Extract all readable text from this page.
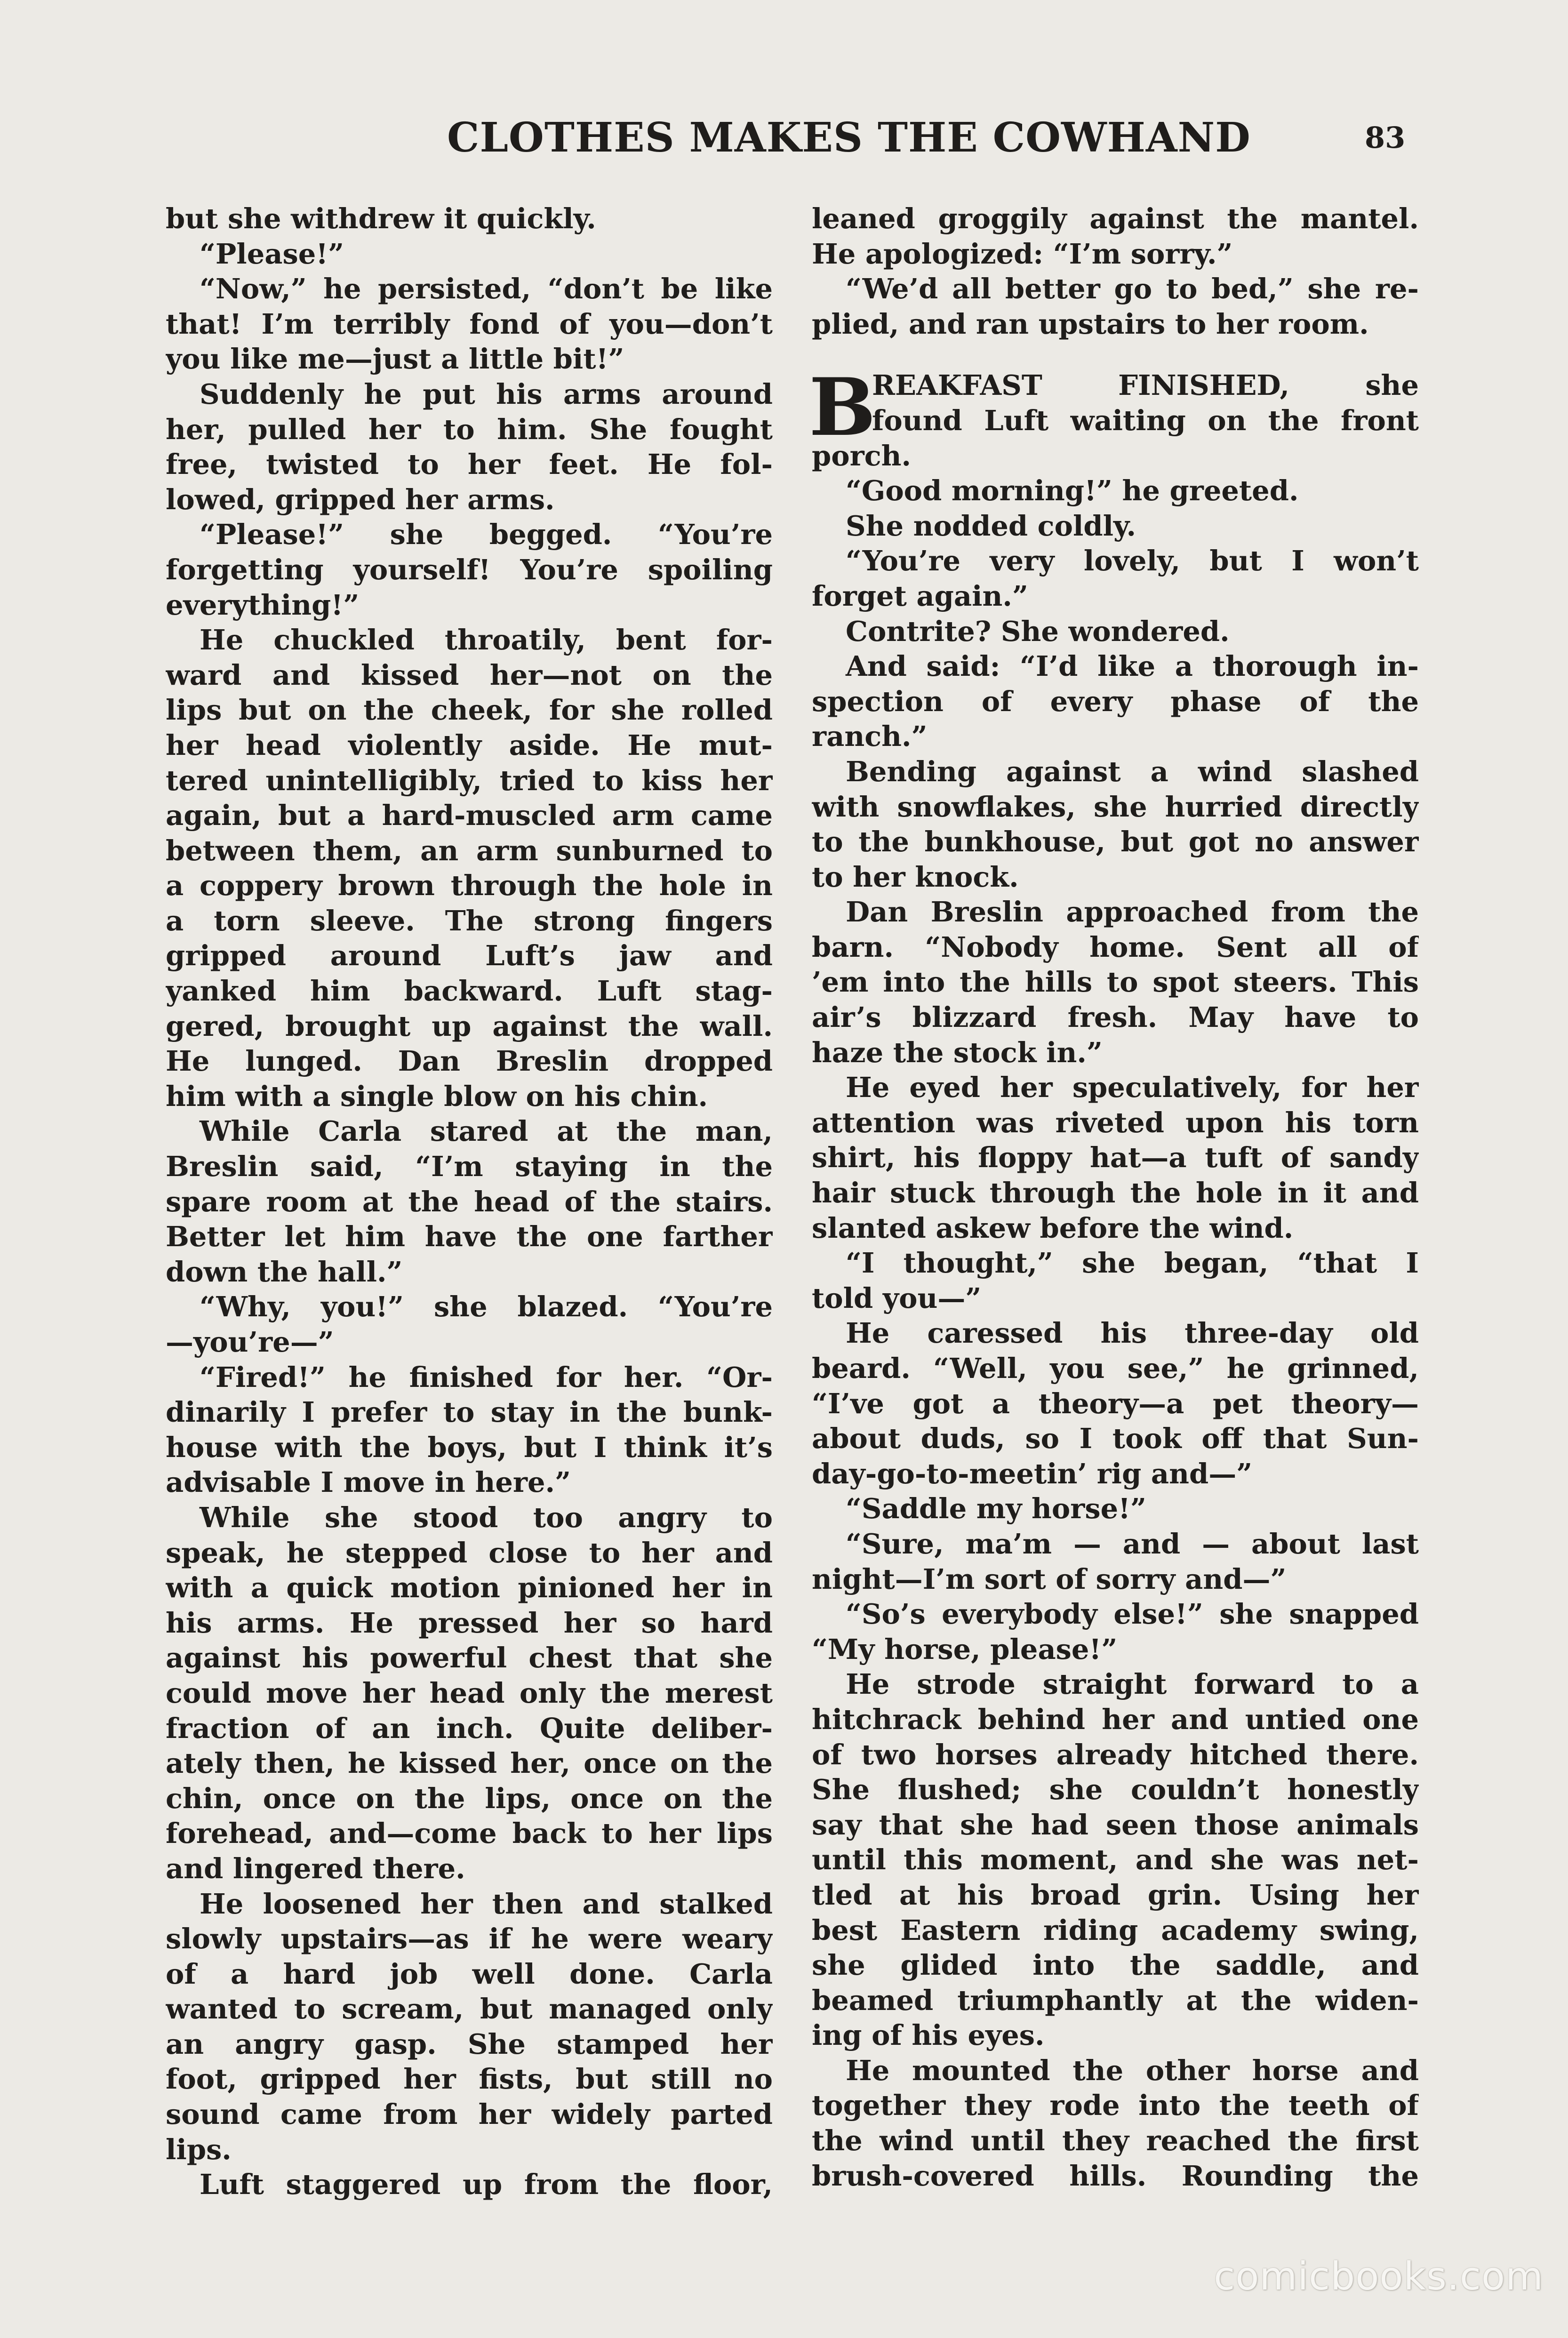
CLOTHES MAKES THE COWHAND	83
but she withdrew it quickly.
“Please!”
“Now,” he persisted, “don’t be like
that! I’m terribly fond of you—don’t
you like me—just a little bit!”
Suddenly he put his arms around
her, pulled her to him. She fought
free, twisted to her feet. He fol-
lowed, gripped her arms.
“Please!” she begged. “You’re
forgetting yourself! You’re spoiling
everything!”
He chuckled throatily, bent for-
ward and kissed her—not on the
lips but on the cheek, for she rolled
her head violently aside. He mut-
tered unintelligibly, tried to kiss her
again, but a hard-muscled arm came
between them, an arm sunburned to
a coppery brown through the hole in
a torn sleeve. The strong fingers
gripped around Luft’s jaw and
yanked him backward. Luft stag-
gered, brought up against the wall.
He lunged. Dan Breslin dropped
him with a single blow on his chin.
While Carla stared at the man,
Breslin said, “I’m staying in the
spare room at the head of the stairs.
Better let him have the one farther
down the hall.”
“Why, you!” she blazed. “You’re
—you’re—”
“Fired!” he finished for her. “Or-
dinarily I prefer to stay in the bunk-
house with the boys, but I think it’s
advisable I move in here.”
While she stood too angry to
speak, he stepped close to her and
with a quick motion pinioned her in
his arms. He pressed her so hard
against his powerful chest that she
could move her head only the merest
fraction of an inch. Quite deliber-
ately then, he kissed her, once on the
chin, once on the lips, once on the
forehead, and—come back to her lips
and lingered there.
He loosened her then and stalked
slowly upstairs—as if he were weary
of a hard job well done. Carla
wanted to scream, but managed only
an angry gasp. She stamped her
foot, gripped her fists, but still no
sound came from her widely parted
lips.
Luft staggered up from the floor,
leaned groggily against the mantel.
He apologized: “I’m sorry.”
“We’d all better go to bed,” she re-
plied, and ran upstairs to her room.
B
REAKFAST FINISHED, she
found Luft waiting on the front
porch.
“Good morning!” he greeted.
She nodded coldly.
“You’re very lovely, but I won’t
forget again.”
Contrite? She wondered.
And said: “I’d like a thorough in-
spection of every phase of the
ranch.”
Bending against a wind slashed
with snowflakes, she hurried directly
to the bunkhouse, but got no answer
to her knock.
Dan Breslin approached from the
barn. “Nobody home. Sent all of
’em into the hills to spot steers. This
air’s blizzard fresh. May have to
haze the stock in.”
He eyed her speculatively, for her
attention was riveted upon his torn
shirt, his floppy hat—a tuft of sandy
hair stuck through the hole in it and
slanted askew before the wind.
“I thought,” she began, “that I
told you—”
He caressed his three-day old
beard. “Well, you see,” he grinned,
“I’ve got a theory—a pet theory—
about duds, so I took off that Sun-
day-go-to-meetin’ rig and—”
“Saddle my horse!”
“Sure, ma’m — and — about last
night—I’m sort of sorry and—”
“So’s everybody else!” she snapped
“My horse, please!”
He strode straight forward to a
hitchrack behind her and untied one
of two horses already hitched there.
She flushed; she couldn’t honestly
say that she had seen those animals
until this moment, and she was net-
tled at his broad grin. Using her
best Eastern riding academy swing,
she glided into the saddle, and
beamed triumphantly at the widen-
ing of his eyes.
He mounted the other horse and
together they rode into the teeth of
the wind until they reached the first
brush-covered hills. Rounding the
comicbooks.com
